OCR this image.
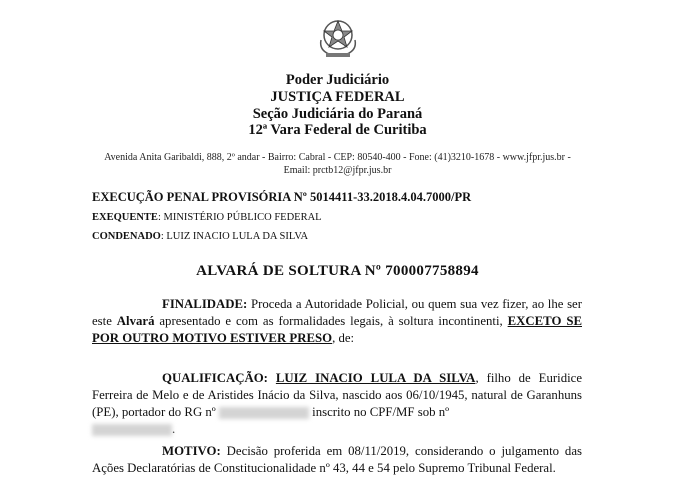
Poder Judiciário
JUSTIÇA FEDERAL
Seção Judiciária do Paraná
12ª Vara Federal de Curitiba
Avenida Anita Garibaldi, 888, 2º andar - Bairro: Cabral - CEP: 80540-400 - Fone: (41)3210-1678 - www.jfpr.jus.br -
Email: prctb12@jfpr.jus.br
EXECUÇÃO PENAL PROVISÓRIA Nº 5014411-33.2018.4.04.7000/PR
EXEQUENTE: MINISTÉRIO PÚBLICO FEDERAL
CONDENADO: LUIZ INACIO LULA DA SILVA
ALVARÁ DE SOLTURA Nº 700007758894
FINALIDADE: Proceda a Autoridade Policial, ou quem sua vez fizer, ao lhe ser este Alvará apresentado e com as formalidades legais, à soltura incontinenti, EXCETO SE POR OUTRO MOTIVO ESTIVER PRESO, de:
QUALIFICAÇÃO: LUIZ INACIO LULA DA SILVA, filho de Euridice Ferreira de Melo e de Aristides Inácio da Silva, nascido aos 06/10/1945, natural de Garanhuns (PE), portador do RG nº	inscrito no CPF/MF sob nº
.
MOTIVO: Decisão proferida em 08/11/2019, considerando o julgamento das Ações Declaratórias de Constitucionalidade nº 43, 44 e 54 pelo Supremo Tribunal Federal.
